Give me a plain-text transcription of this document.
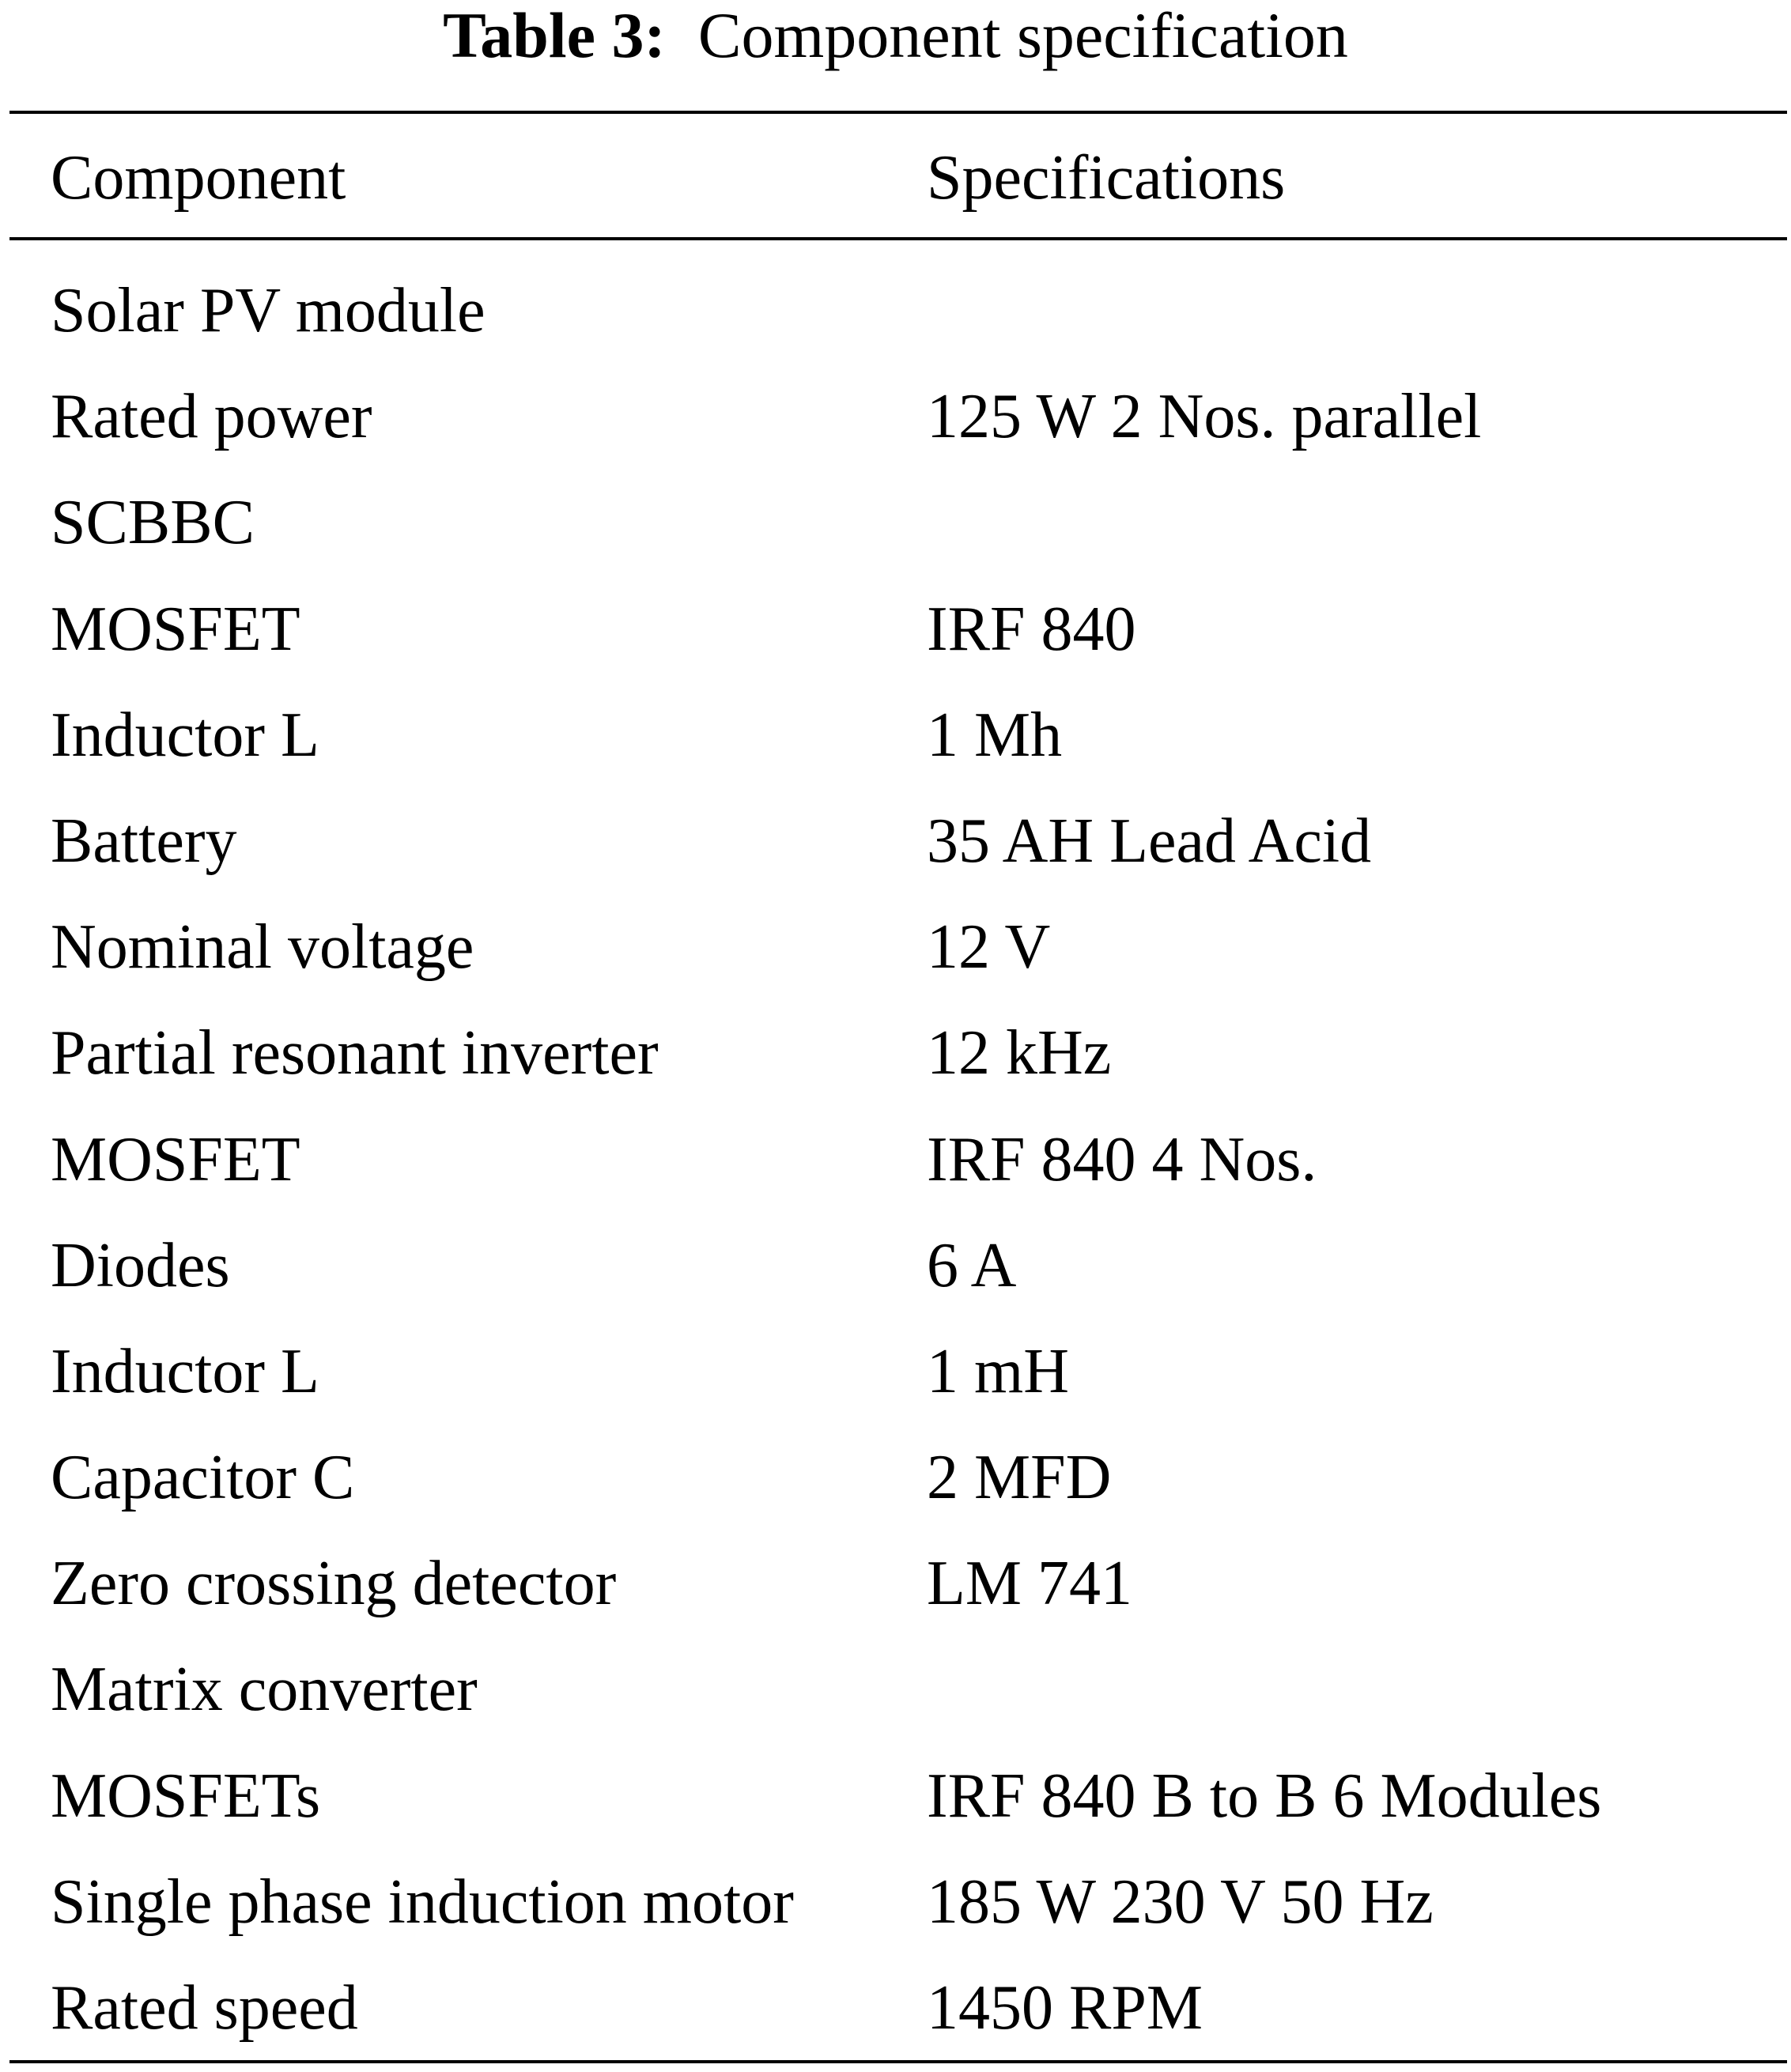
Table 3: Component specification
Component	Specifications
Solar PV module
Rated power	125 W 2 Nos. parallel
SCBBC
MOSFET	IRF 840
Inductor L	1 Mh
Battery	35 AH Lead Acid
Nominal voltage	12 V
Partial resonant inverter	12 kHz
MOSFET	IRF 840 4 Nos.
Diodes	6 A
Inductor L	1 mH
Capacitor C	2 MFD
Zero crossing detector	LM 741
Matrix converter
MOSFETs	IRF 840 B to B 6 Modules
Single phase induction motor 185 W 230 V 50 Hz
Rated speed	1450 RPM
